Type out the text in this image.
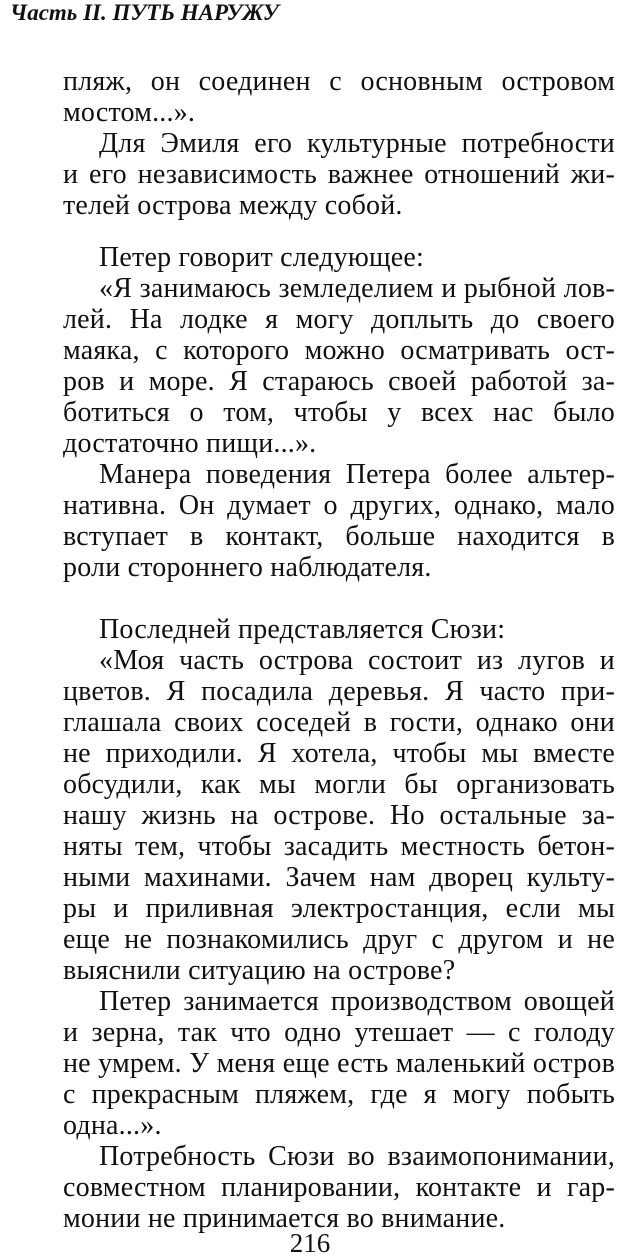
Часть II. ПУТЬ НАРУЖУ
пляж, он соединен с основным островом
мостом...».
Для Эмиля его культурные потребности
и его независимость важнее отношений жи-
телей острова между собой.
Петер говорит следующее:
«Я занимаюсь земледелием и рыбной лов-
лей. На лодке я могу доплыть до своего
маяка, с которого можно осматривать ост-
ров и море. Я стараюсь своей работой за-
ботиться о том, чтобы у всех нас было
достаточно пищи...».
Манера поведения Петера более альтер-
нативна. Он думает о других, однако, мало
вступает в контакт, больше находится в
роли стороннего наблюдателя.
Последней представляется Сюзи:
«Моя часть острова состоит из лугов и
цветов. Я посадила деревья. Я часто при-
глашала своих соседей в гости, однако они
не приходили. Я хотела, чтобы мы вместе
обсудили, как мы могли бы организовать
нашу жизнь на острове. Но остальные за-
няты тем, чтобы засадить местность бетон-
ными махинами. Зачем нам дворец культу-
ры и приливная электростанция, если мы
еще не познакомились друг с другом и не
выяснили ситуацию на острове?
Петер занимается производством овощей
и зерна, так что одно утешает — с голоду
не умрем. У меня еще есть маленький остров
с прекрасным пляжем, где я могу побыть
одна...».
Потребность Сюзи во взаимопонимании,
совместном планировании, контакте и гар-
монии не принимается во внимание.
216
